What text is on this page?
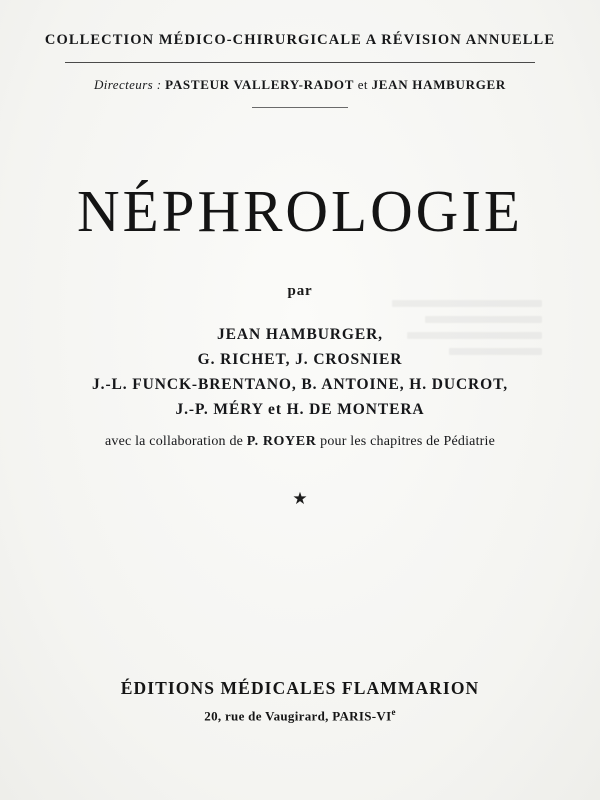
COLLECTION MÉDICO-CHIRURGICALE A RÉVISION ANNUELLE
Directeurs : PASTEUR VALLERY-RADOT et JEAN HAMBURGER
NÉPHROLOGIE
par
JEAN HAMBURGER,
G. RICHET, J. CROSNIER
J.-L. FUNCK-BRENTANO, B. ANTOINE, H. DUCROT,
J.-P. MÉRY et H. DE MONTERA
avec la collaboration de P. ROYER pour les chapitres de Pédiatrie
★
ÉDITIONS MÉDICALES FLAMMARION
20, rue de Vaugirard, PARIS-VIe
